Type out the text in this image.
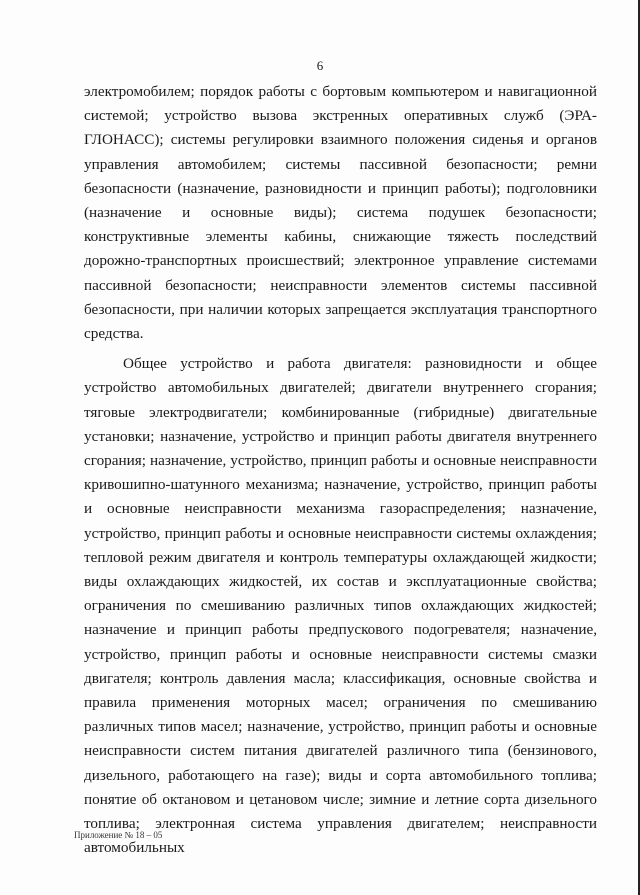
6

электромобилем; порядок работы с бортовым компьютером и навигационной системой; устройство вызова экстренных оперативных служб (ЭРА-ГЛОНАСС); системы регулировки взаимного положения сиденья и органов управления автомобилем; системы пассивной безопасности; ремни безопасности (назначение, разновидности и принцип работы); подголовники (назначение и основные виды); система подушек безопасности; конструктивные элементы кабины, снижающие тяжесть последствий дорожно-транспортных происшествий; электронное управление системами пассивной безопасности; неисправности элементов системы пассивной безопасности, при наличии которых запрещается эксплуатация транспортного средства.

Общее устройство и работа двигателя: разновидности и общее устройство автомобильных двигателей; двигатели внутреннего сгорания; тяговые электродвигатели; комбинированные (гибридные) двигательные установки; назначение, устройство и принцип работы двигателя внутреннего сгорания; назначение, устройство, принцип работы и основные неисправности кривошипно-шатунного механизма; назначение, устройство, принцип работы и основные неисправности механизма газораспределения; назначение, устройство, принцип работы и основные неисправности системы охлаждения; тепловой режим двигателя и контроль температуры охлаждающей жидкости; виды охлаждающих жидкостей, их состав и эксплуатационные свойства; ограничения по смешиванию различных типов охлаждающих жидкостей; назначение и принцип работы предпускового подогревателя; назначение, устройство, принцип работы и основные неисправности системы смазки двигателя; контроль давления масла; классификация, основные свойства и правила применения моторных масел; ограничения по смешиванию различных типов масел; назначение, устройство, принцип работы и основные неисправности систем питания двигателей различного типа (бензинового, дизельного, работающего на газе); виды и сорта автомобильного топлива; понятие об октановом и цетановом числе; зимние и летние сорта дизельного топлива; электронная система управления двигателем; неисправности автомобильных

Приложение № 18 – 05
